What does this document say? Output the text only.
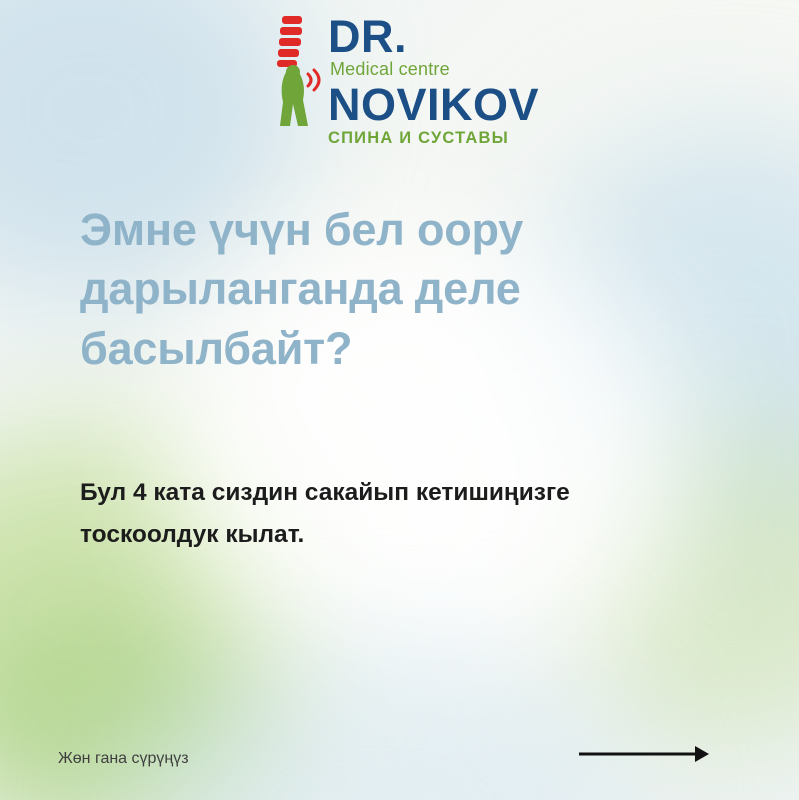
DR.
Medical centre
NOVIKOV
СПИНА И СУСТАВЫ
Эмне үчүн бел оору дарыланганда деле басылбайт?
Бул 4 ката сиздин сакайып кетишиңизге тоскоолдук кылат.
Жөн гана сүрүңүз
